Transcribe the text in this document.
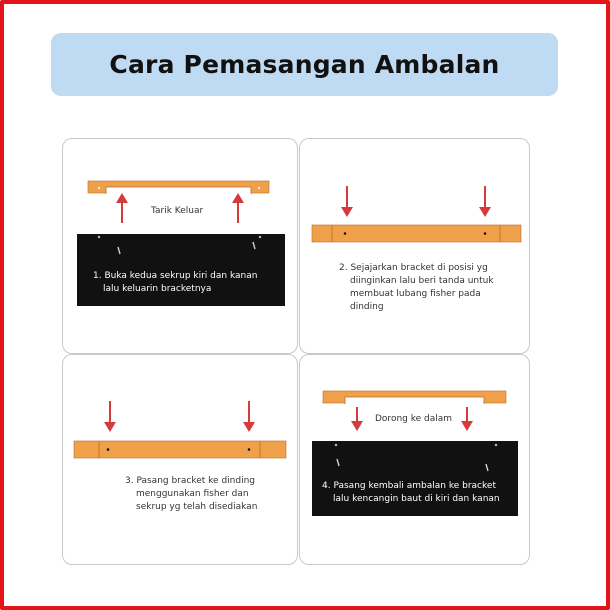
Cara Pemasangan Ambalan
Tarik Keluar
1. Buka kedua sekrup kiri dan kanan
lalu keluarin bracketnya
2. Sejajarkan bracket di posisi yg
diinginkan lalu beri tanda untuk
membuat lubang fisher pada
dinding
3. Pasang bracket ke dinding
menggunakan fisher dan
sekrup yg telah disediakan
Dorong ke dalam
4. Pasang kembali ambalan ke bracket
lalu kencangin baut di kiri dan kanan
